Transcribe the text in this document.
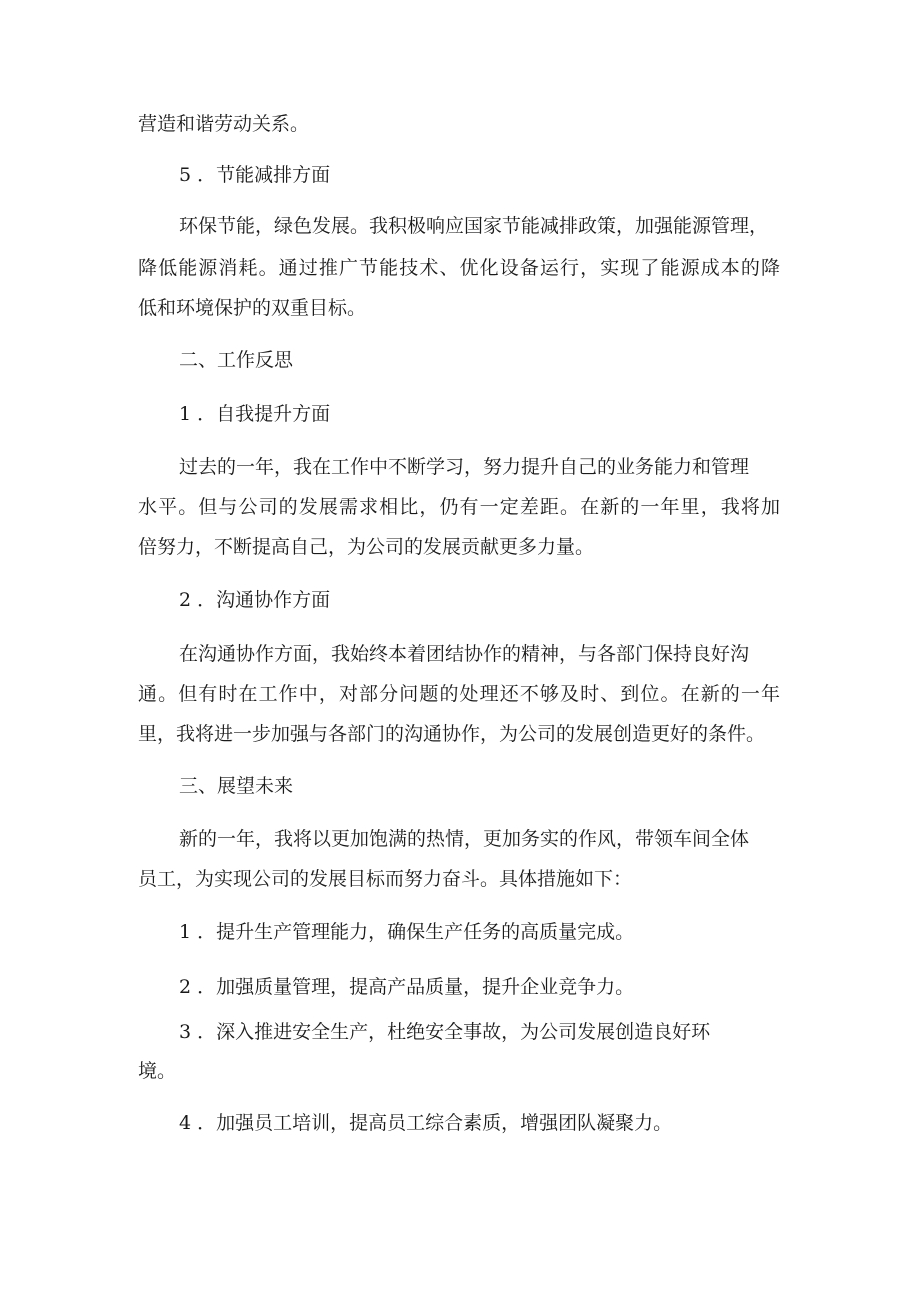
营造和谐劳动关系。
5 ．节能减排方面
环保节能，绿色发展。我积极响应国家节能减排政策，加强能源管理，
降低能源消耗。通过推广节能技术、优化设备运行，实现了能源成本的降
低和环境保护的双重目标。
二、工作反思
1 ．自我提升方面
过去的一年，我在工作中不断学习，努力提升自己的业务能力和管理
水平。但与公司的发展需求相比，仍有一定差距。在新的一年里，我将加
倍努力，不断提高自己，为公司的发展贡献更多力量。
2 ．沟通协作方面
在沟通协作方面，我始终本着团结协作的精神，与各部门保持良好沟
通。但有时在工作中，对部分问题的处理还不够及时、到位。在新的一年
里，我将进一步加强与各部门的沟通协作，为公司的发展创造更好的条件。
三、展望未来
新的一年，我将以更加饱满的热情，更加务实的作风，带领车间全体
员工，为实现公司的发展目标而努力奋斗。具体措施如下：
1 ．提升生产管理能力，确保生产任务的高质量完成。
2 ．加强质量管理，提高产品质量，提升企业竞争力。
3 ．深入推进安全生产，杜绝安全事故，为公司发展创造良好环
境。
4 ．加强员工培训，提高员工综合素质，增强团队凝聚力。
